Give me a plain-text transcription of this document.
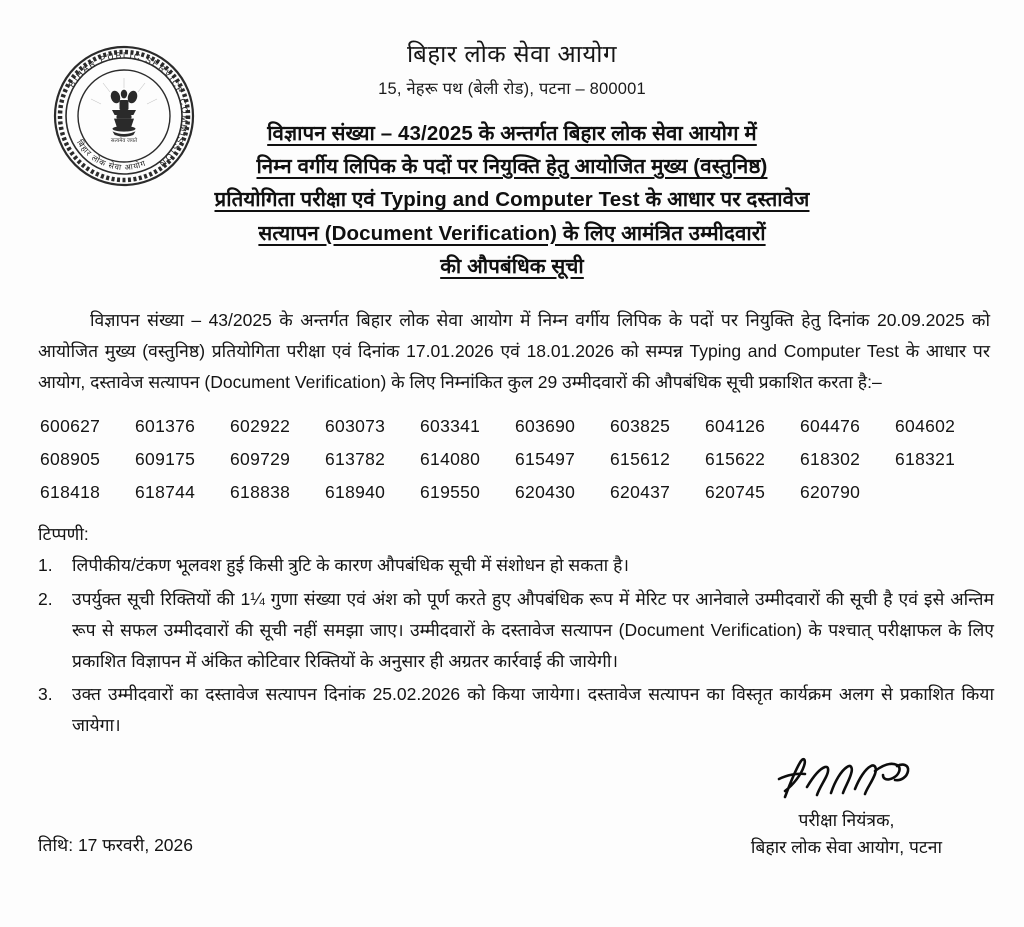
BIHAR PUBLIC SERVICE COMMISSION
बिहार लोक सेवा आयोग
सत्यमेव जयते
बिहार लोक सेवा आयोग
15, नेहरू पथ (बेली रोड), पटना – 800001
विज्ञापन संख्या – 43/2025 के अन्तर्गत बिहार लोक सेवा आयोग में
निम्न वर्गीय लिपिक के पदों पर नियुक्ति हेतु आयोजित मुख्य (वस्तुनिष्ठ)
प्रतियोगिता परीक्षा एवं Typing and Computer Test के आधार पर दस्तावेज
सत्यापन (Document Verification) के लिए आमंत्रित उम्मीदवारों
की औपबंधिक सूची

विज्ञापन संख्या – 43/2025 के अन्तर्गत बिहार लोक सेवा आयोग में निम्न वर्गीय लिपिक के पदों पर नियुक्ति हेतु दिनांक 20.09.2025 को आयोजित मुख्य (वस्तुनिष्ठ) प्रतियोगिता परीक्षा एवं दिनांक 17.01.2026 एवं 18.01.2026 को सम्पन्न Typing and Computer Test के आधार पर आयोग, दस्तावेज सत्यापन (Document Verification) के लिए निम्नांकित कुल 29 उम्मीदवारों की औपबंधिक सूची प्रकाशित करता है:–

600627	601376	602922	603073	603341	603690	603825	604126	604476	604602
608905	609175	609729	613782	614080	615497	615612	615622	618302	618321
618418	618744	618838	618940	619550	620430	620437	620745	620790
टिप्पणी:
1.	लिपीकीय/टंकण भूलवश हुई किसी त्रुटि के कारण औपबंधिक सूची में संशोधन हो सकता है।
2.	उपर्युक्त सूची रिक्तियों की 1¼ गुणा संख्या एवं अंश को पूर्ण करते हुए औपबंधिक रूप में मेरिट पर आनेवाले उम्मीदवारों की सूची है एवं इसे अन्तिम रूप से सफल उम्मीदवारों की सूची नहीं समझा जाए। उम्मीदवारों के दस्तावेज सत्यापन (Document Verification) के पश्चात् परीक्षाफल के लिए प्रकाशित विज्ञापन में अंकित कोटिवार रिक्तियों के अनुसार ही अग्रतर कार्रवाई की जायेगी।
3.	उक्त उम्मीदवारों का दस्तावेज सत्यापन दिनांक 25.02.2026 को किया जायेगा। दस्तावेज सत्यापन का विस्तृत कार्यक्रम अलग से प्रकाशित किया जायेगा।
तिथि: 17 फरवरी, 2026
परीक्षा नियंत्रक,
बिहार लोक सेवा आयोग, पटना
